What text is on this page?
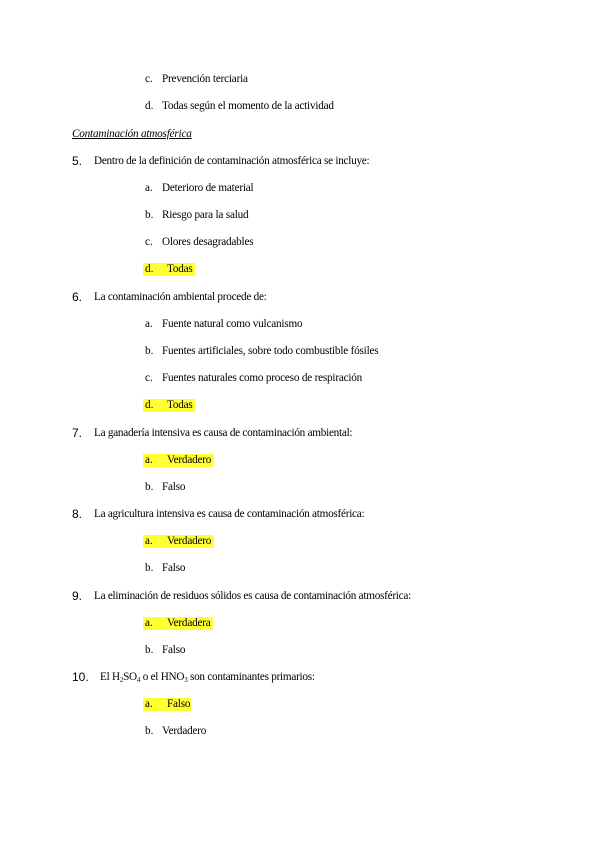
c. Prevención terciaria
d. Todas según el momento de la actividad
Contaminación atmosférica
5. Dentro de la definición de contaminación atmosférica se incluye:
a. Deterioro de material
b. Riesgo para la salud
c. Olores desagradables
d. Todas
6. La contaminación ambiental procede de:
a. Fuente natural como vulcanismo
b. Fuentes artificiales, sobre todo combustible fósiles
c. Fuentes naturales como proceso de respiración
d. Todas
7. La ganadería intensiva es causa de contaminación ambiental:
a. Verdadero
b. Falso
8. La agricultura intensiva es causa de contaminación atmosférica:
a. Verdadero
b. Falso
9. La eliminación de residuos sólidos es causa de contaminación atmosférica:
a. Verdadera
b. Falso
10. El $H_2SO_4$ o el $HNO_3$ son contaminantes primarios:
a. Falso
b. Verdadero
